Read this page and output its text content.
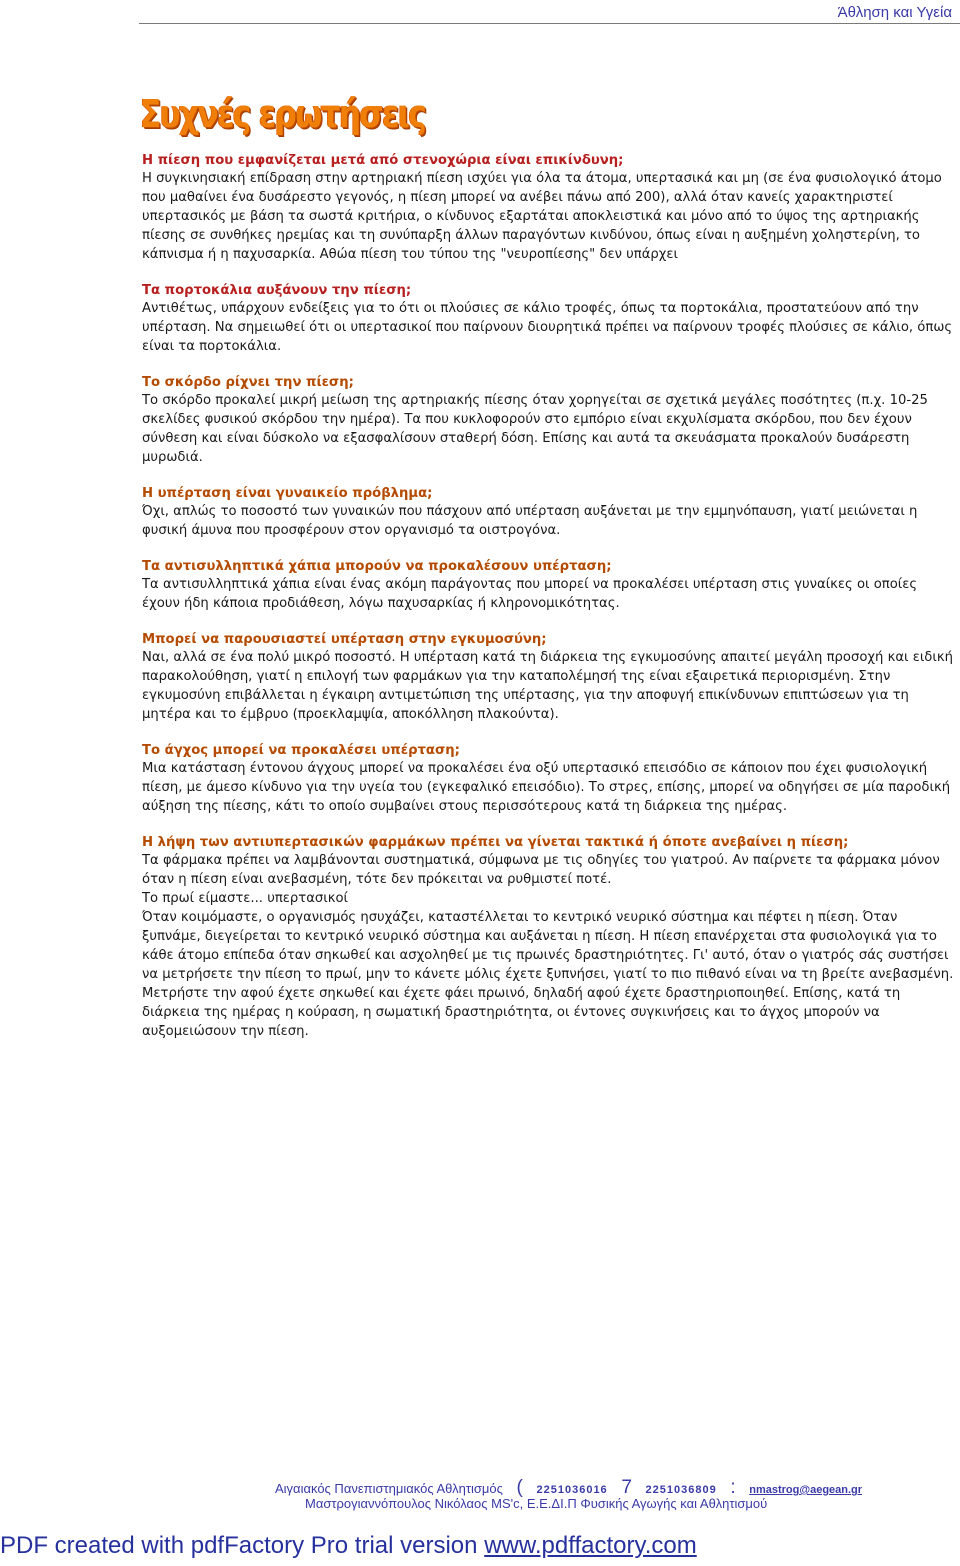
Άθληση και Υγεία
Συχνές ερωτήσεις
Η πίεση που εμφανίζεται μετά από στενοχώρια είναι επικίνδυνη;

Η συγκινησιακή επίδραση στην αρτηριακή πίεση ισχύει για όλα τα άτομα, υπερτασικά και μη (σε ένα φυσιολογικό άτομο που μαθαίνει ένα δυσάρεστο γεγονός, η πίεση μπορεί να ανέβει πάνω από 200), αλλά όταν κανείς χαρακτηριστεί υπερτασικός με βάση τα σωστά κριτήρια, ο κίνδυνος εξαρτάται αποκλειστικά και μόνο από το ύψος της αρτηριακής πίεσης σε συνθήκες ηρεμίας και τη συνύπαρξη άλλων παραγόντων κινδύνου, όπως είναι η αυξημένη χοληστερίνη, το κάπνισμα ή η παχυσαρκία. Αθώα πίεση του τύπου της "νευροπίεσης" δεν υπάρχει

Τα πορτοκάλια αυξάνουν την πίεση;

Αντιθέτως, υπάρχουν ενδείξεις για το ότι οι πλούσιες σε κάλιο τροφές, όπως τα πορτοκάλια, προστατεύουν από την υπέρταση. Να σημειωθεί ότι οι υπερτασικοί που παίρνουν διουρητικά πρέπει να παίρνουν τροφές πλούσιες σε κάλιο, όπως είναι τα πορτοκάλια.

Το σκόρδο ρίχνει την πίεση;

Το σκόρδο προκαλεί μικρή μείωση της αρτηριακής πίεσης όταν χορηγείται σε σχετικά μεγάλες ποσότητες (π.χ. 10-25 σκελίδες φυσικού σκόρδου την ημέρα). Τα που κυκλοφορούν στο εμπόριο είναι εκχυλίσματα σκόρδου, που δεν έχουν σύνθεση και είναι δύσκολο να εξασφαλίσουν σταθερή δόση. Επίσης και αυτά τα σκευάσματα προκαλούν δυσάρεστη μυρωδιά.

Η υπέρταση είναι γυναικείο πρόβλημα;

Όχι, απλώς το ποσοστό των γυναικών που πάσχουν από υπέρταση αυξάνεται με την εμμηνόπαυση, γιατί μειώνεται η φυσική άμυνα που προσφέρουν στον οργανισμό τα οιστρογόνα.

Τα αντισυλληπτικά χάπια μπορούν να προκαλέσουν υπέρταση;

Τα αντισυλληπτικά χάπια είναι ένας ακόμη παράγοντας που μπορεί να προκαλέσει υπέρταση στις γυναίκες οι οποίες έχουν ήδη κάποια προδιάθεση, λόγω παχυσαρκίας ή κληρονομικότητας.

Μπορεί να παρουσιαστεί υπέρταση στην εγκυμοσύνη;

Ναι, αλλά σε ένα πολύ μικρό ποσοστό. Η υπέρταση κατά τη διάρκεια της εγκυμοσύνης απαιτεί μεγάλη προσοχή και ειδική παρακολούθηση, γιατί η επιλογή των φαρμάκων για την καταπολέμησή της είναι εξαιρετικά περιορισμένη. Στην εγκυμοσύνη επιβάλλεται η έγκαιρη αντιμετώπιση της υπέρτασης, για την αποφυγή επικίνδυνων επιπτώσεων για τη μητέρα και το έμβρυο (προεκλαμψία, αποκόλληση πλακούντα).

Το άγχος μπορεί να προκαλέσει υπέρταση;

Μια κατάσταση έντονου άγχους μπορεί να προκαλέσει ένα οξύ υπερτασικό επεισόδιο σε κάποιον που έχει φυσιολογική πίεση, με άμεσο κίνδυνο για την υγεία του (εγκεφαλικό επεισόδιο). Το στρες, επίσης, μπορεί να οδηγήσει σε μία παροδική αύξηση της πίεσης, κάτι το οποίο συμβαίνει στους περισσότερους κατά τη διάρκεια της ημέρας.

Η λήψη των αντιυπερτασικών φαρμάκων πρέπει να γίνεται τακτικά ή όποτε ανεβαίνει η πίεση;

Τα φάρμακα πρέπει να λαμβάνονται συστηματικά, σύμφωνα με τις οδηγίες του γιατρού. Αν παίρνετε τα φάρμακα μόνον όταν η πίεση είναι ανεβασμένη, τότε δεν πρόκειται να ρυθμιστεί ποτέ.

Το πρωί είμαστε... υπερτασικοί

Όταν κοιμόμαστε, ο οργανισμός ησυχάζει, καταστέλλεται το κεντρικό νευρικό σύστημα και πέφτει η πίεση. Όταν ξυπνάμε, διεγείρεται το κεντρικό νευρικό σύστημα και αυξάνεται η πίεση. Η πίεση επανέρχεται στα φυσιολογικά για το κάθε άτομο επίπεδα όταν σηκωθεί και ασχοληθεί με τις πρωινές δραστηριότητες. Γι' αυτό, όταν ο γιατρός σάς συστήσει να μετρήσετε την πίεση το πρωί, μην το κάνετε μόλις έχετε ξυπνήσει, γιατί το πιο πιθανό είναι να τη βρείτε ανεβασμένη. Μετρήστε την αφού έχετε σηκωθεί και έχετε φάει πρωινό, δηλαδή αφού έχετε δραστηριοποιηθεί. Επίσης, κατά τη διάρκεια της ημέρας η κούραση, η σωματική δραστηριότητα, οι έντονες συγκινήσεις και το άγχος μπορούν να αυξομειώσουν την πίεση.

Αιγαιακός Πανεπιστημιακός Αθλητισμός ( 2251036016 7 2251036809 : nmastrog@aegean.gr
Μαστρογιαννόπουλος Νικόλαος MS'c, Ε.Ε.ΔΙ.Π Φυσικής Αγωγής και Αθλητισμού
PDF created with pdfFactory Pro trial version www.pdffactory.com
